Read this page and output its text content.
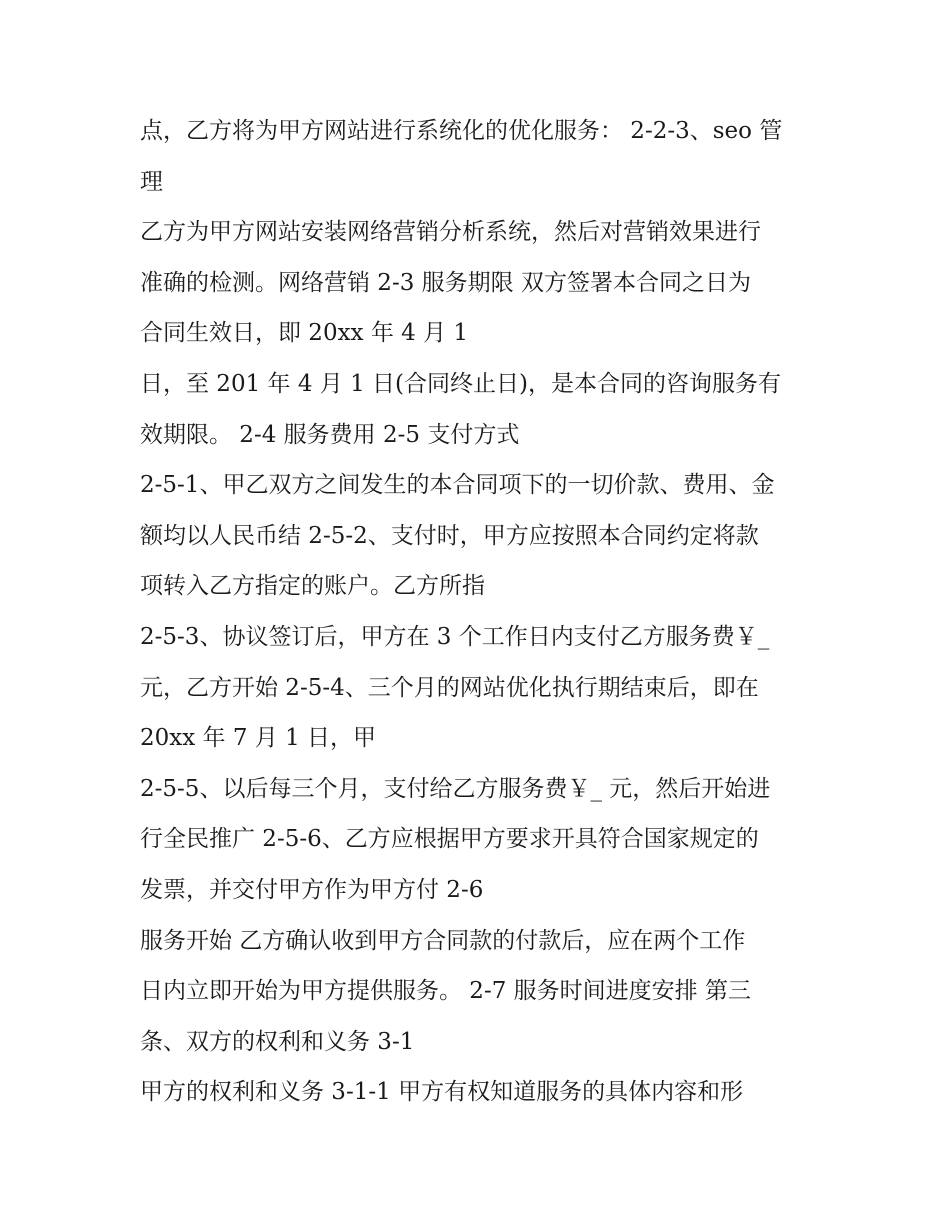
点，乙方将为甲方网站进行系统化的优化服务： 2-2-3、seo 管
理
乙方为甲方网站安装网络营销分析系统，然后对营销效果进行
准确的检测。网络营销 2-3 服务期限 双方签署本合同之日为
合同生效日，即 20xx 年 4 月 1
日，至 201 年 4 月 1 日(合同终止日)，是本合同的咨询服务有
效期限。 2-4 服务费用 2-5 支付方式
2-5-1、甲乙双方之间发生的本合同项下的一切价款、费用、金
额均以人民币结 2-5-2、支付时，甲方应按照本合同约定将款
项转入乙方指定的账户。乙方所指
2-5-3、协议签订后，甲方在 3 个工作日内支付乙方服务费￥_
元，乙方开始 2-5-4、三个月的网站优化执行期结束后，即在
20xx 年 7 月 1 日，甲
2-5-5、以后每三个月，支付给乙方服务费￥_ 元，然后开始进
行全民推广 2-5-6、乙方应根据甲方要求开具符合国家规定的
发票，并交付甲方作为甲方付 2-6
服务开始 乙方确认收到甲方合同款的付款后，应在两个工作
日内立即开始为甲方提供服务。 2-7 服务时间进度安排 第三
条、双方的权利和义务 3-1
甲方的权利和义务 3-1-1 甲方有权知道服务的具体内容和形
